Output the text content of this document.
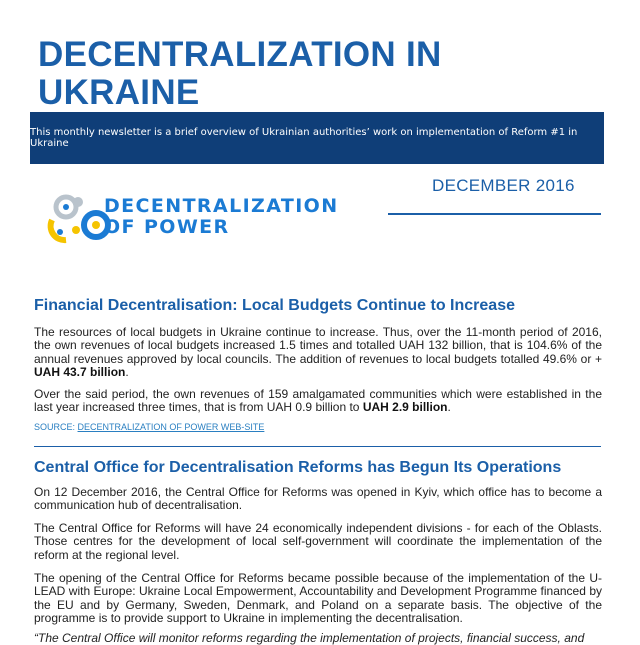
DECENTRALIZATION IN
UKRAINE
This monthly newsletter is a brief overview of Ukrainian authorities’ work on implementation of Reform #1 in Ukraine
DECEMBER 2016
DECENTRALIZATION
OF POWER
Financial Decentralisation: Local Budgets Continue to Increase

The resources of local budgets in Ukraine continue to increase. Thus, over the 11-month period of 2016, the own revenues of local budgets increased 1.5 times and totalled UAH 132 billion, that is 104.6% of the annual revenues approved by local councils. The addition of revenues to local budgets totalled 49.6% or + UAH 43.7 billion.

Over the said period, the own revenues of 159 amalgamated communities which were established in the last year increased three times, that is from UAH 0.9 billion to UAH 2.9 billion.

SOURCE: DECENTRALIZATION OF POWER WEB-SITE
Central Office for Decentralisation Reforms has Begun Its Operations

On 12 December 2016, the Central Office for Reforms was opened in Kyiv, which office has to become a communication hub of decentralisation.

The Central Office for Reforms will have 24 economically independent divisions - for each of the Oblasts. Those centres for the development of local self-government will coordinate the implementation of the reform at the regional level.

The opening of the Central Office for Reforms became possible because of the implementation of the U-LEAD with Europe: Ukraine Local Empowerment, Accountability and Development Programme financed by the EU and by Germany, Sweden, Denmark, and Poland on a separate basis. The objective of the programme is to provide support to Ukraine in implementing the decentralisation.

“The Central Office will monitor reforms regarding the implementation of projects, financial success, and
